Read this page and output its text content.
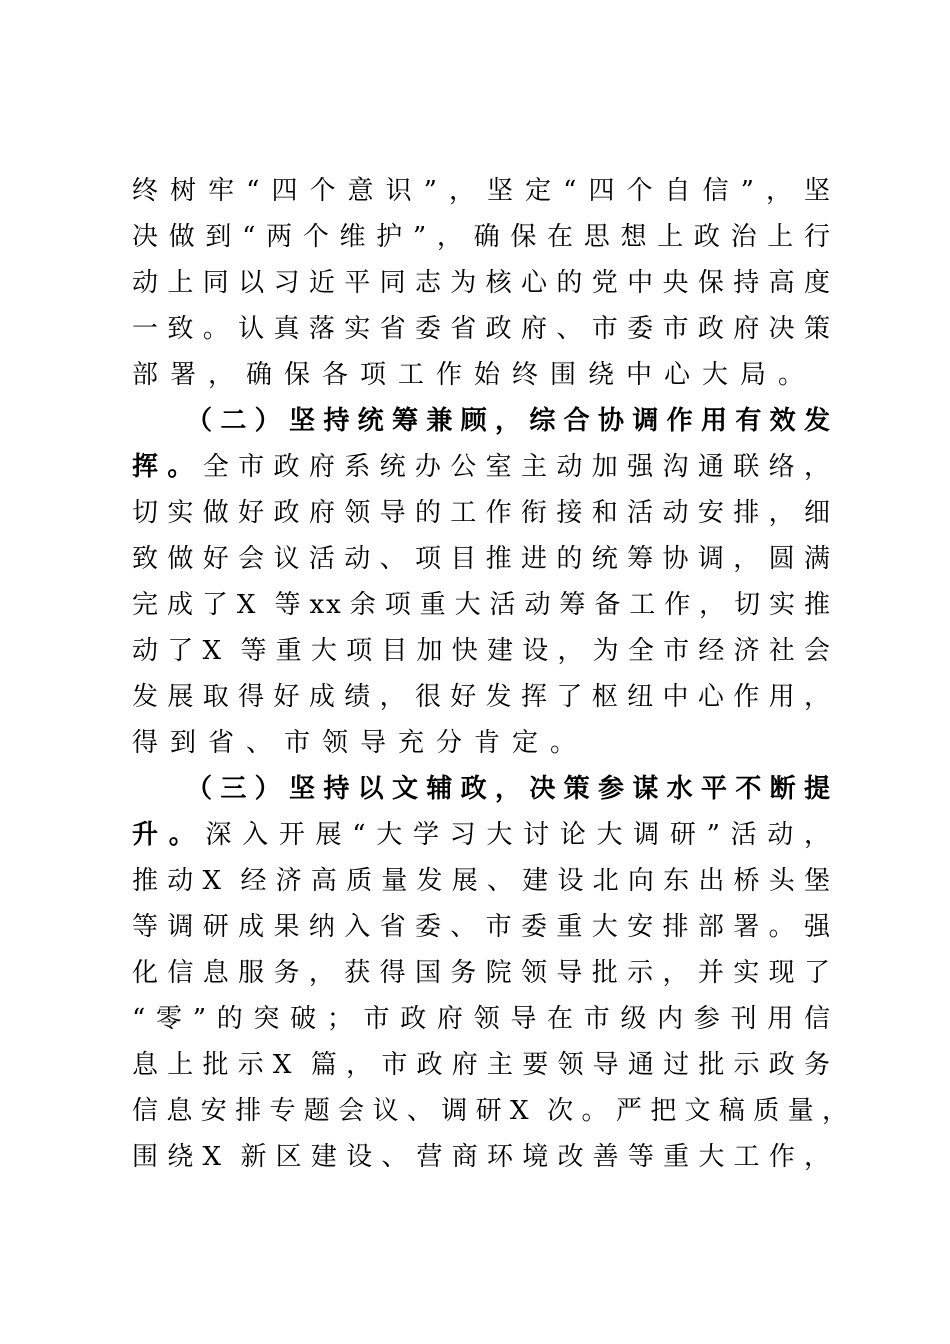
终树牢“四个意识”，坚定“四个自信”，坚
决做到“两个维护”，确保在思想上政治上行
动上同以习近平同志为核心的党中央保持高度
一致。认真落实省委省政府、市委市政府决策
部署，确保各项工作始终围绕中心大局。
（二）坚持统筹兼顾，综合协调作用有效发
挥。全市政府系统办公室主动加强沟通联络，
切实做好政府领导的工作衔接和活动安排，细
致做好会议活动、项目推进的统筹协调，圆满
完成了X 等xx余项重大活动筹备工作，切实推
动了X 等重大项目加快建设，为全市经济社会
发展取得好成绩，很好发挥了枢纽中心作用，
得到省、市领导充分肯定。
（三）坚持以文辅政，决策参谋水平不断提
升。深入开展“大学习大讨论大调研”活动，
推动X 经济高质量发展、建设北向东出桥头堡
等调研成果纳入省委、市委重大安排部署。强
化信息服务，获得国务院领导批示，并实现了
“零”的突破；市政府领导在市级内参刊用信
息上批示X 篇，市政府主要领导通过批示政务
信息安排专题会议、调研X 次。严把文稿质量，
围绕X 新区建设、营商环境改善等重大工作，
